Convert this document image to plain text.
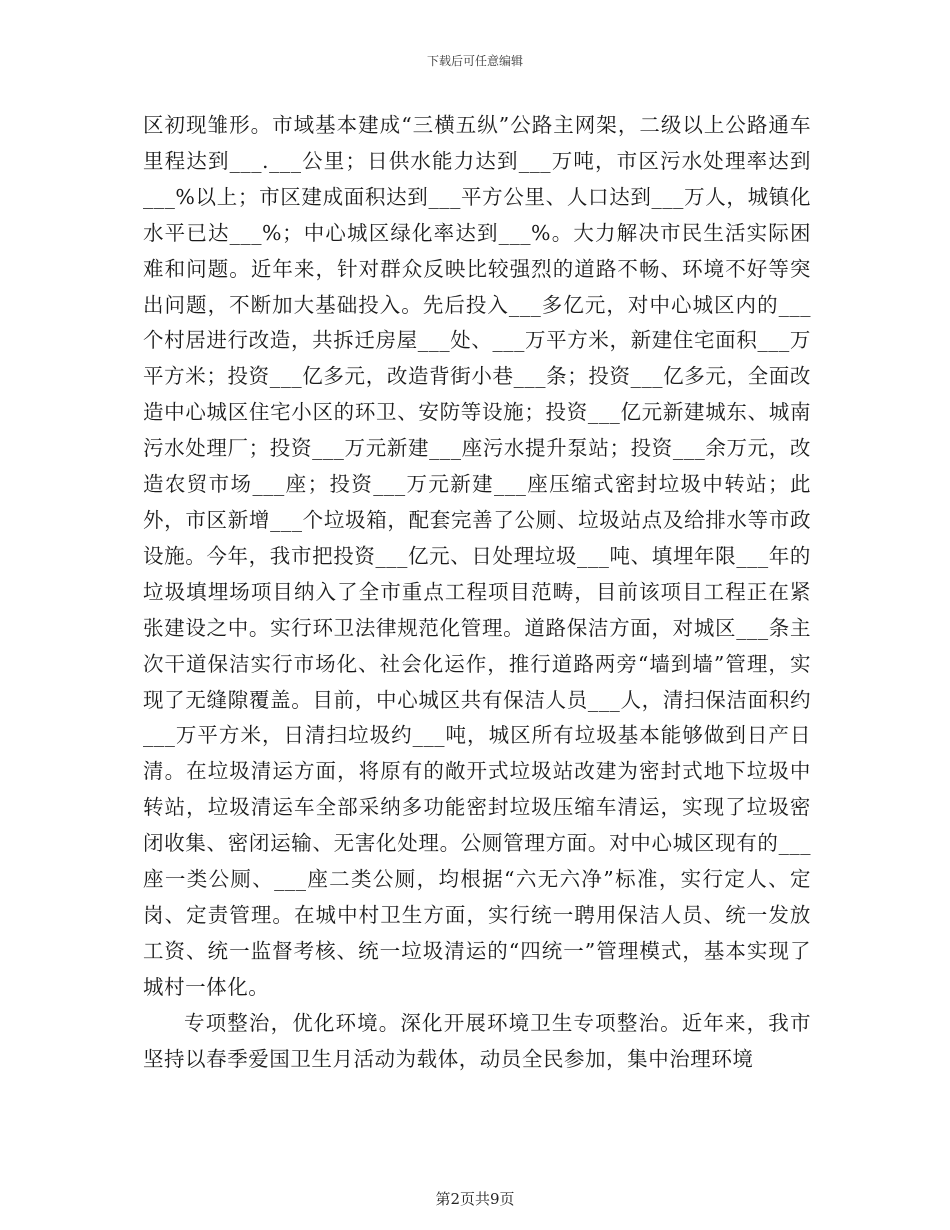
下载后可任意编辑

区初现雏形。市域基本建成“三横五纵”公路主网架，二级以上公路通车里程达到___.___公里；日供水能力达到___万吨，市区污水处理率达到___%以上；市区建成面积达到___平方公里、人口达到___万人，城镇化水平已达___%；中心城区绿化率达到___%。大力解决市民生活实际困难和问题。近年来，针对群众反映比较强烈的道路不畅、环境不好等突出问题，不断加大基础投入。先后投入___多亿元，对中心城区内的___个村居进行改造，共拆迁房屋___处、___万平方米，新建住宅面积___万平方米；投资___亿多元，改造背街小巷___条；投资___亿多元，全面改造中心城区住宅小区的环卫、安防等设施；投资___亿元新建城东、城南污水处理厂；投资___万元新建___座污水提升泵站；投资___余万元，改造农贸市场___座；投资___万元新建___座压缩式密封垃圾中转站；此外，市区新增___个垃圾箱，配套完善了公厕、垃圾站点及给排水等市政设施。今年，我市把投资___亿元、日处理垃圾___吨、填埋年限___年的垃圾填埋场项目纳入了全市重点工程项目范畴，目前该项目工程正在紧张建设之中。实行环卫法律规范化管理。道路保洁方面，对城区___条主次干道保洁实行市场化、社会化运作，推行道路两旁“墙到墙”管理，实现了无缝隙覆盖。目前，中心城区共有保洁人员___人，清扫保洁面积约___万平方米，日清扫垃圾约___吨，城区所有垃圾基本能够做到日产日清。在垃圾清运方面，将原有的敞开式垃圾站改建为密封式地下垃圾中转站，垃圾清运车全部采纳多功能密封垃圾压缩车清运，实现了垃圾密闭收集、密闭运输、无害化处理。公厕管理方面。对中心城区现有的___座一类公厕、___座二类公厕，均根据“六无六净”标准，实行定人、定岗、定责管理。在城中村卫生方面，实行统一聘用保洁人员、统一发放工资、统一监督考核、统一垃圾清运的“四统一”管理模式，基本实现了城村一体化。

专项整治，优化环境。深化开展环境卫生专项整治。近年来，我市坚持以春季爱国卫生月活动为载体，动员全民参加，集中治理环境

第2页共9页
